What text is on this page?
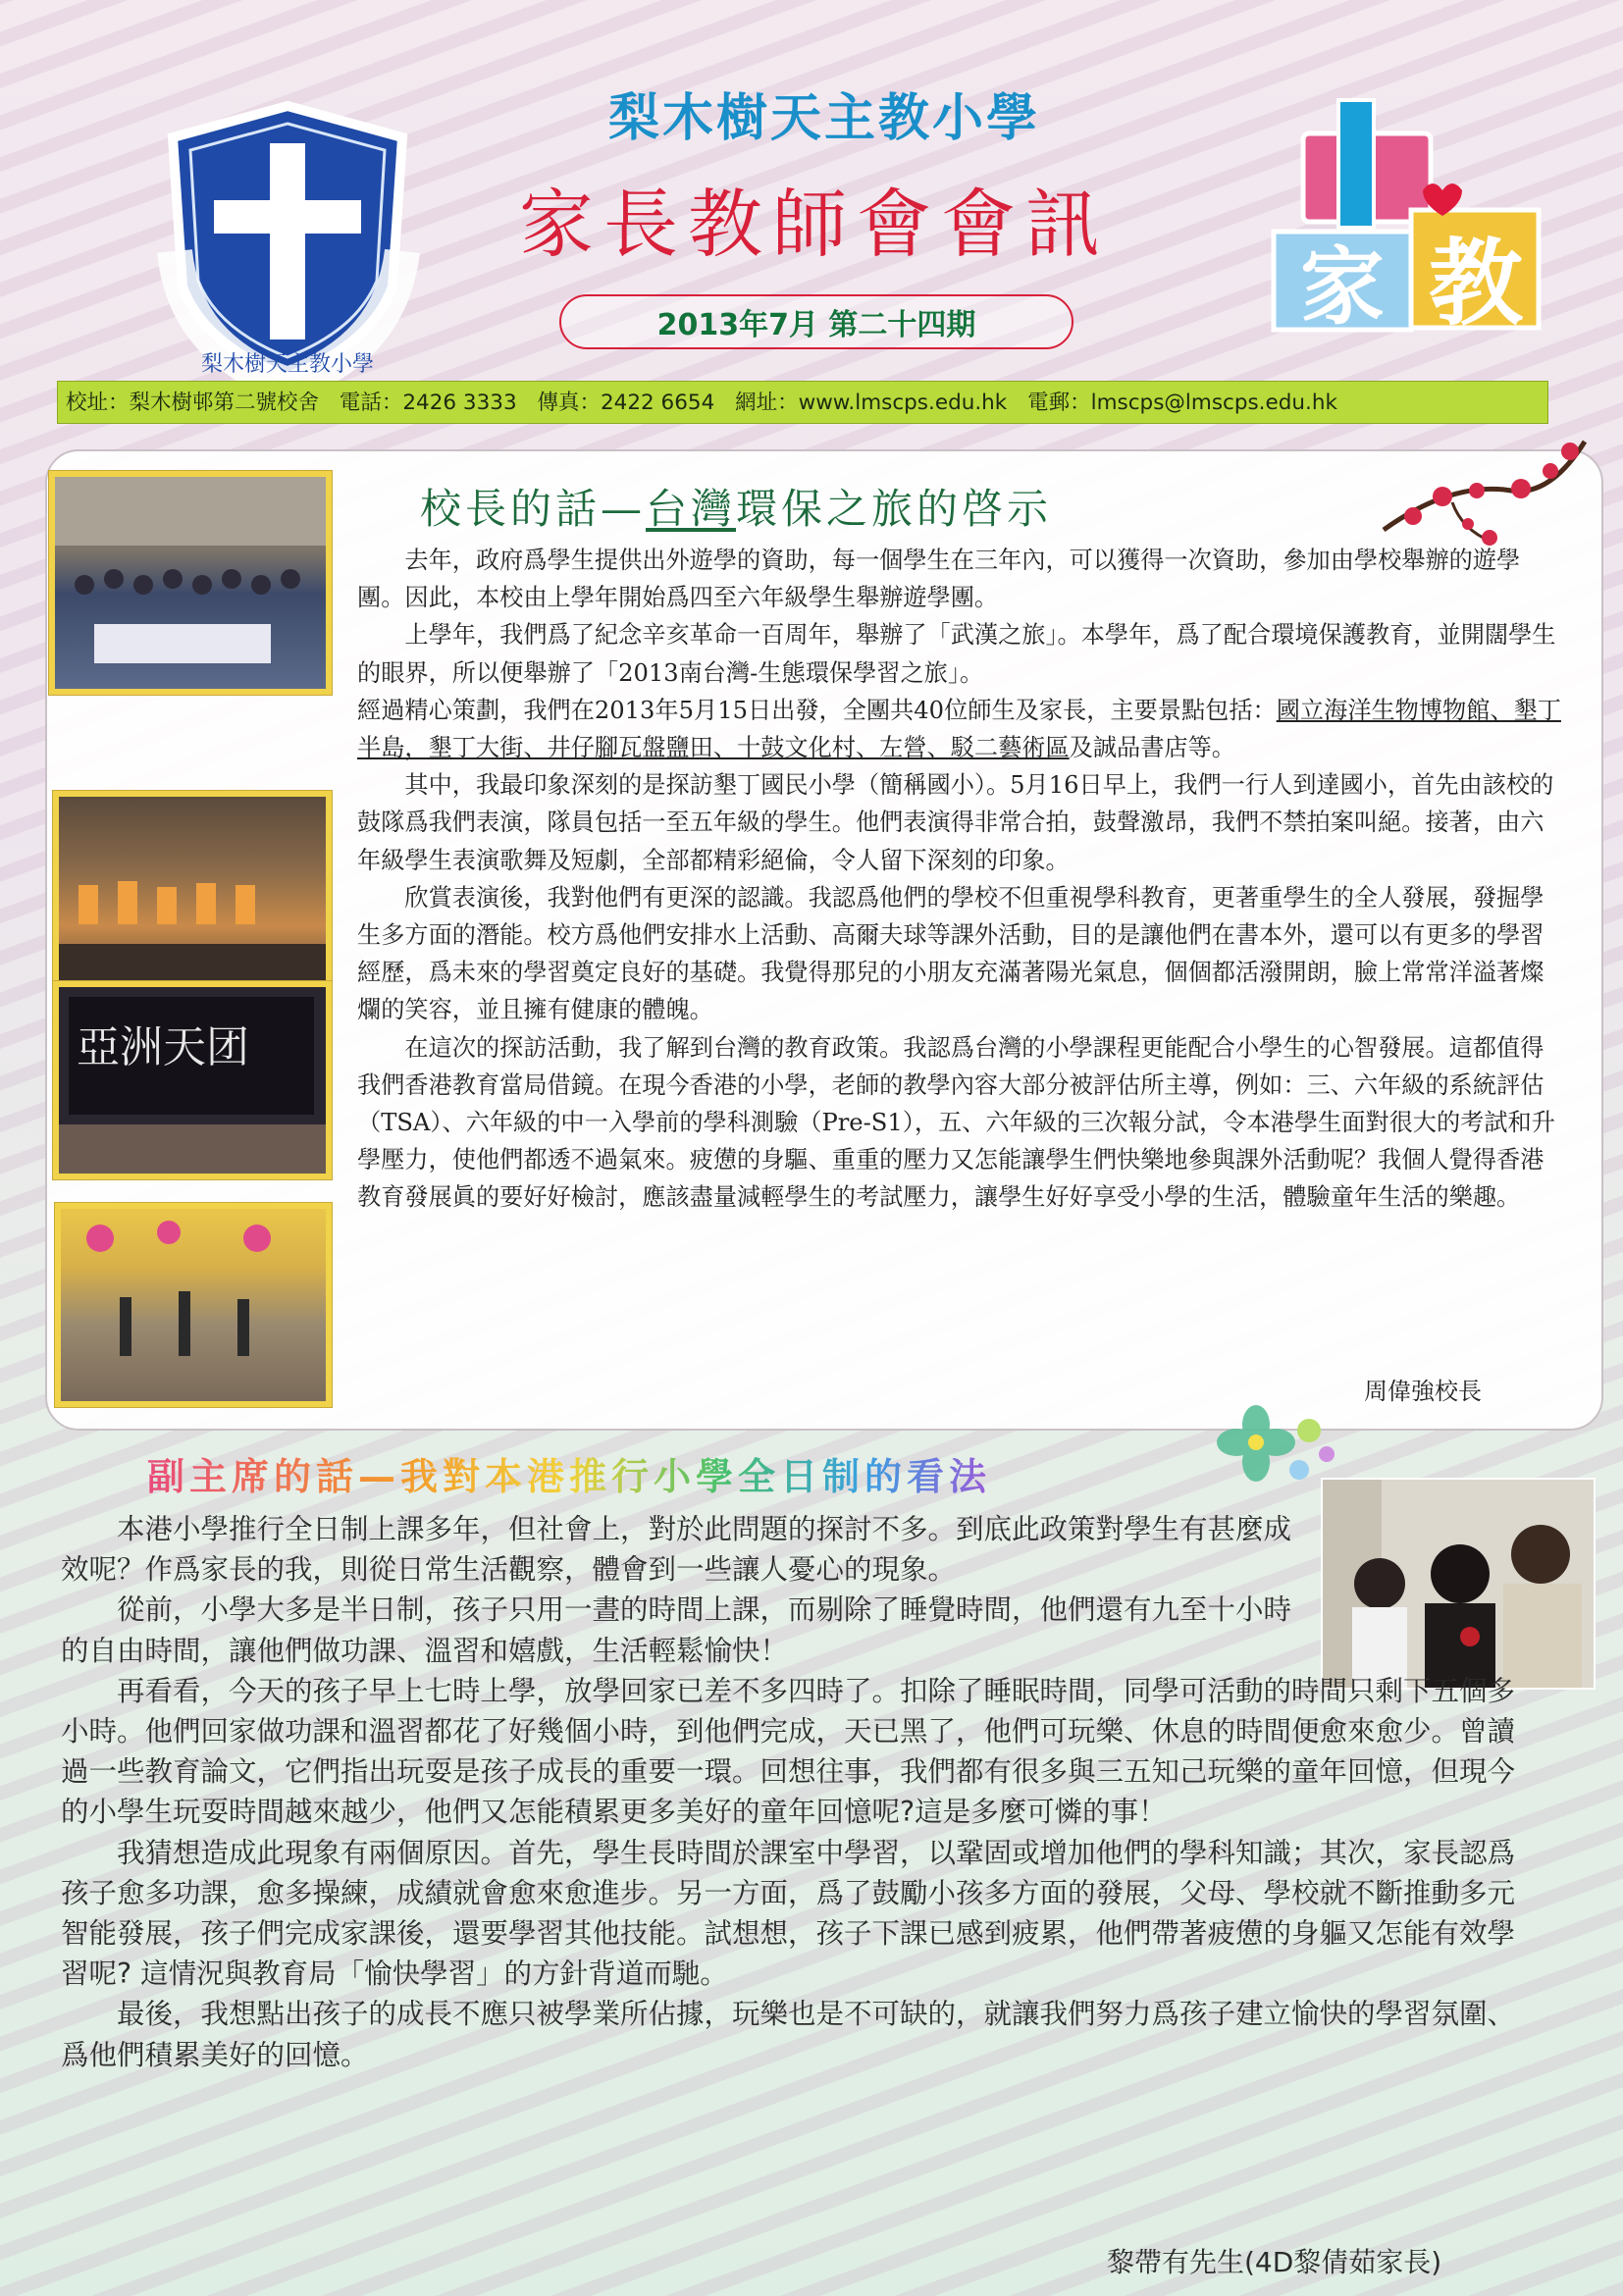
梨木樹天主教小學
梨木樹天主教小學
家長教師會會訊
2013年7月 第二十四期	家 教
校址：梨木樹邨第二號校舍 電話：2426 3333 傳真：2422 6654 網址：www.lmscps.edu.hk 電郵：lmscps@lmscps.edu.hk
亞洲天团
校長的話—台灣環保之旅的啓示

去年，政府爲學生提供出外遊學的資助，每一個學生在三年內，可以獲得一次資助，參加由學校舉辦的遊學團。因此，本校由上學年開始爲四至六年級學生舉辦遊學團。

上學年，我們爲了紀念辛亥革命一百周年，舉辦了「武漢之旅」。本學年，爲了配合環境保護教育，並開闊學生的眼界，所以便舉辦了「2013南台灣-生態環保學習之旅」。

經過精心策劃，我們在2013年5月15日出發，全團共40位師生及家長，主要景點包括：國立海洋生物博物館、墾丁半島，墾丁大街、井仔腳瓦盤鹽田、十鼓文化村、左營、駁二藝術區及誠品書店等。

其中，我最印象深刻的是探訪墾丁國民小學（簡稱國小）。5月16日早上，我們一行人到達國小，首先由該校的鼓隊爲我們表演，隊員包括一至五年級的學生。他們表演得非常合拍，鼓聲激昂，我們不禁拍案叫絕。接著，由六年級學生表演歌舞及短劇，全部都精彩絕倫，令人留下深刻的印象。

欣賞表演後，我對他們有更深的認識。我認爲他們的學校不但重視學科教育，更著重學生的全人發展，發掘學生多方面的潛能。校方爲他們安排水上活動、高爾夫球等課外活動，目的是讓他們在書本外，還可以有更多的學習經歷，爲未來的學習奠定良好的基礎。我覺得那兒的小朋友充滿著陽光氣息，個個都活潑開朗，臉上常常洋溢著燦爛的笑容，並且擁有健康的體魄。

在這次的探訪活動，我了解到台灣的教育政策。我認爲台灣的小學課程更能配合小學生的心智發展。這都值得我們香港教育當局借鏡。在現今香港的小學，老師的教學內容大部分被評估所主導，例如：三、六年級的系統評估（TSA）、六年級的中一入學前的學科測驗（Pre-S1），五、六年級的三次報分試，令本港學生面對很大的考試和升學壓力，使他們都透不過氣來。疲憊的身驅、重重的壓力又怎能讓學生們快樂地參與課外活動呢？我個人覺得香港教育發展眞的要好好檢討，應該盡量減輕學生的考試壓力，讓學生好好享受小學的生活，體驗童年生活的樂趣。

周偉強校長
副主席的話—我對本港推行小學全日制的看法

本港小學推行全日制上課多年，但社會上，對於此問題的探討不多。到底此政策對學生有甚麼成效呢？作爲家長的我，則從日常生活觀察，體會到一些讓人憂心的現象。

從前，小學大多是半日制，孩子只用一晝的時間上課，而剔除了睡覺時間，他們還有九至十小時的自由時間，讓他們做功課、溫習和嬉戲，生活輕鬆愉快！

再看看，今天的孩子早上七時上學，放學回家已差不多四時了。扣除了睡眠時間，同學可活動的時間只剩下五個多小時。他們回家做功課和溫習都花了好幾個小時，到他們完成，天已黑了，他們可玩樂、休息的時間便愈來愈少。曾讀過一些教育論文，它們指出玩耍是孩子成長的重要一環。回想往事，我們都有很多與三五知己玩樂的童年回憶，但現今的小學生玩耍時間越來越少，他們又怎能積累更多美好的童年回憶呢?這是多麼可憐的事！

我猜想造成此現象有兩個原因。首先，學生長時間於課室中學習，以鞏固或增加他們的學科知識；其次，家長認爲孩子愈多功課，愈多操練，成績就會愈來愈進步。另一方面，爲了鼓勵小孩多方面的發展，父母、學校就不斷推動多元智能發展，孩子們完成家課後，還要學習其他技能。試想想，孩子下課已感到疲累，他們帶著疲憊的身軀又怎能有效學習呢? 這情況與教育局「愉快學習」的方針背道而馳。

最後，我想點出孩子的成長不應只被學業所佔據，玩樂也是不可缺的，就讓我們努力爲孩子建立愉快的學習氛圍、爲他們積累美好的回憶。

黎帶有先生(4D黎倩茹家長)
